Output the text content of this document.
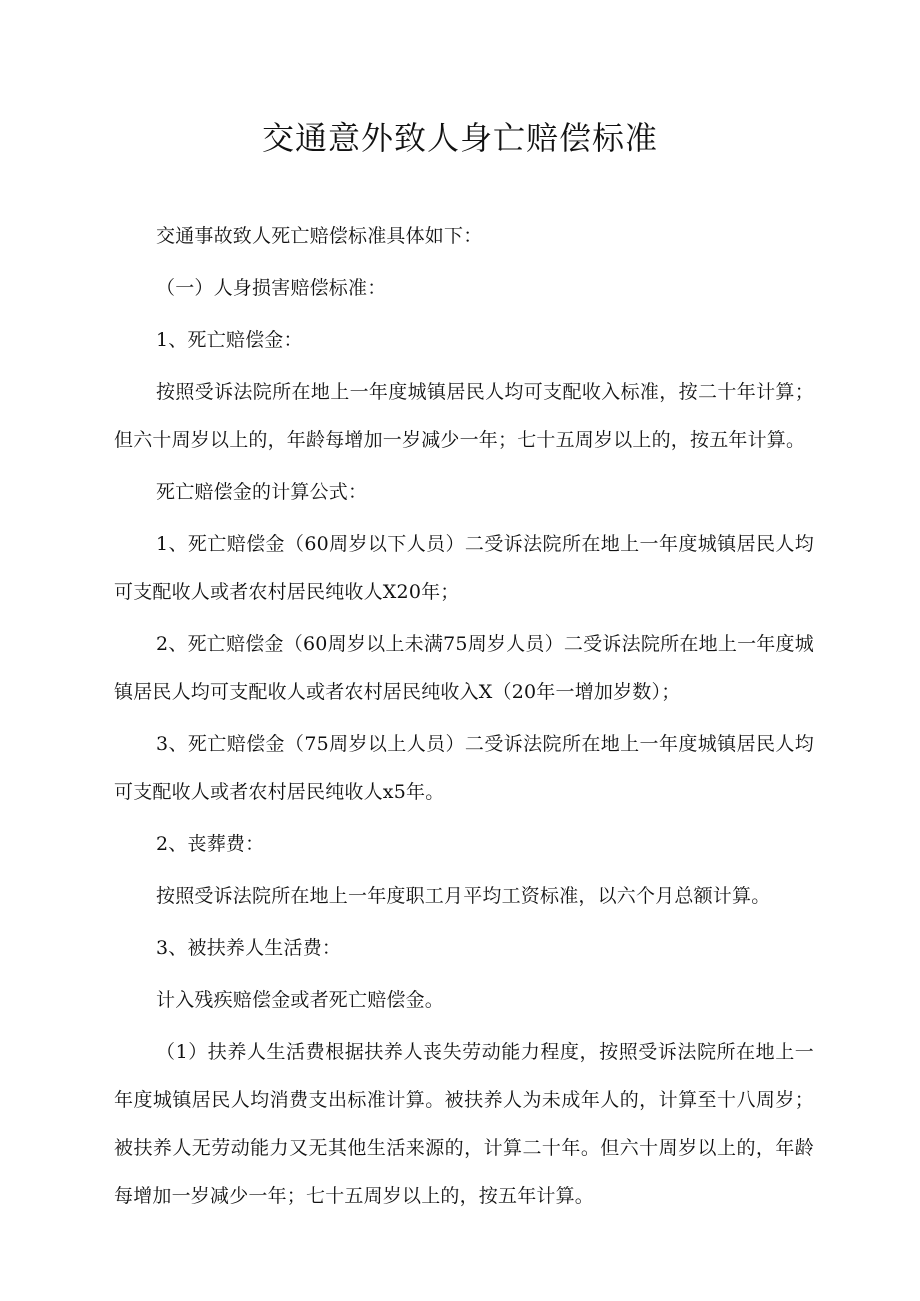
交通意外致人身亡赔偿标准

交通事故致人死亡赔偿标准具体如下：

（一）人身损害赔偿标准：

1、死亡赔偿金：

按照受诉法院所在地上一年度城镇居民人均可支配收入标准，按二十年计算；但六十周岁以上的，年龄每增加一岁减少一年；七十五周岁以上的，按五年计算。

死亡赔偿金的计算公式：

1、死亡赔偿金（60周岁以下人员）二受诉法院所在地上一年度城镇居民人均可支配收人或者农村居民纯收人X20年；

2、死亡赔偿金（60周岁以上未满75周岁人员）二受诉法院所在地上一年度城镇居民人均可支配收人或者农村居民纯收入X（20年一增加岁数）；

3、死亡赔偿金（75周岁以上人员）二受诉法院所在地上一年度城镇居民人均可支配收人或者农村居民纯收人x5年。

2、丧葬费：

按照受诉法院所在地上一年度职工月平均工资标准，以六个月总额计算。

3、被扶养人生活费：

计入残疾赔偿金或者死亡赔偿金。

（1）扶养人生活费根据扶养人丧失劳动能力程度，按照受诉法院所在地上一年度城镇居民人均消费支出标准计算。被扶养人为未成年人的，计算至十八周岁；被扶养人无劳动能力又无其他生活来源的，计算二十年。但六十周岁以上的，年龄每增加一岁减少一年；七十五周岁以上的，按五年计算。
